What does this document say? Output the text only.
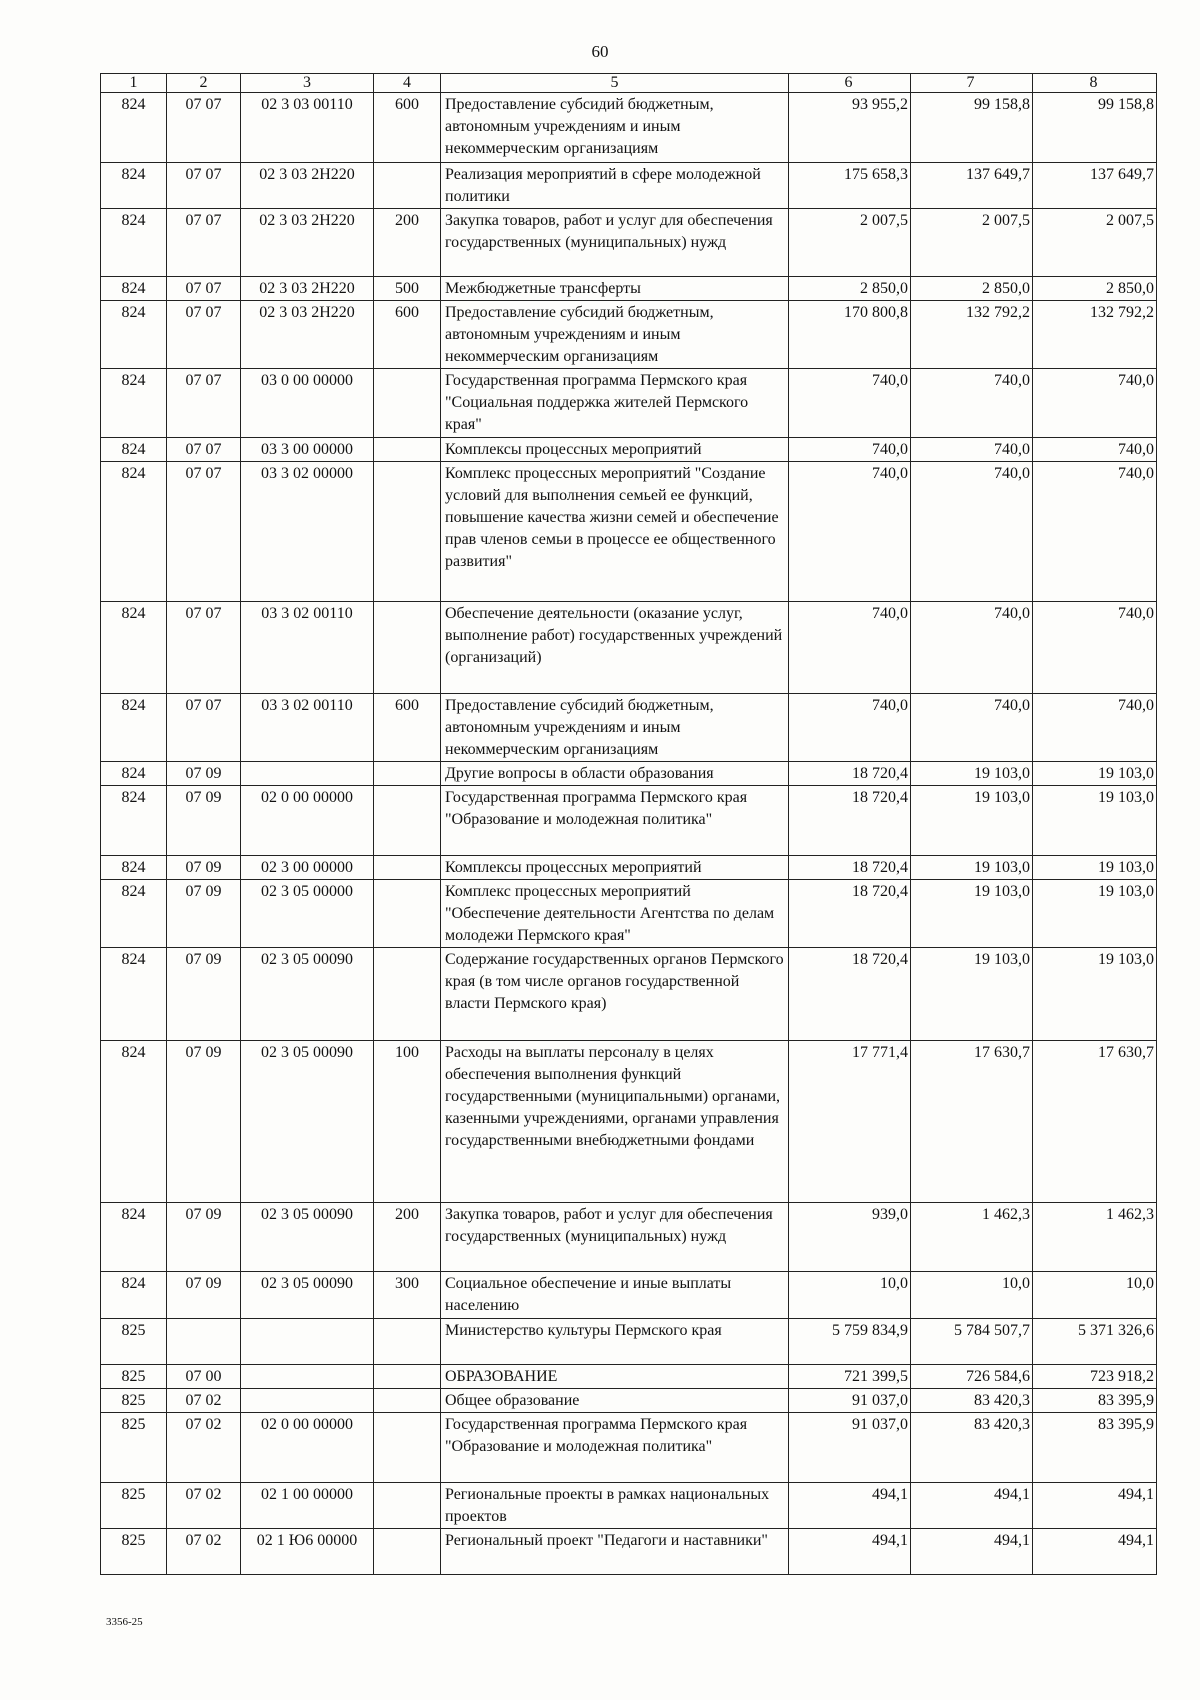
60
1	2	3	4	5	6	7	8
824	07 07	02 3 03 00110	600	Предоставление субсидий бюджетным, автономным учреждениям и иным некоммерческим организациям	93 955,2	99 158,8	99 158,8
824	07 07	02 3 03 2Н220		Реализация мероприятий в сфере молодежной политики	175 658,3	137 649,7	137 649,7
824	07 07	02 3 03 2Н220	200	Закупка товаров, работ и услуг для обеспечения государственных (муниципальных) нужд	2 007,5	2 007,5	2 007,5
824	07 07	02 3 03 2Н220	500	Межбюджетные трансферты	2 850,0	2 850,0	2 850,0
824	07 07	02 3 03 2Н220	600	Предоставление субсидий бюджетным, автономным учреждениям и иным некоммерческим организациям	170 800,8	132 792,2	132 792,2
824	07 07	03 0 00 00000		Государственная программа Пермского края "Социальная поддержка жителей Пермского края"	740,0	740,0	740,0
824	07 07	03 3 00 00000		Комплексы процессных мероприятий	740,0	740,0	740,0
824	07 07	03 3 02 00000		Комплекс процессных мероприятий "Создание условий для выполнения семьей ее функций, повышение качества жизни семей и обеспечение прав членов семьи в процессе ее общественного развития"	740,0	740,0	740,0
824	07 07	03 3 02 00110		Обеспечение деятельности (оказание услуг, выполнение работ) государственных учреждений (организаций)	740,0	740,0	740,0
824	07 07	03 3 02 00110	600	Предоставление субсидий бюджетным, автономным учреждениям и иным некоммерческим организациям	740,0	740,0	740,0
824	07 09			Другие вопросы в области образования	18 720,4	19 103,0	19 103,0
824	07 09	02 0 00 00000		Государственная программа Пермского края "Образование и молодежная политика"	18 720,4	19 103,0	19 103,0
824	07 09	02 3 00 00000		Комплексы процессных мероприятий	18 720,4	19 103,0	19 103,0
824	07 09	02 3 05 00000		Комплекс процессных мероприятий "Обеспечение деятельности Агентства по делам молодежи Пермского края"	18 720,4	19 103,0	19 103,0
824	07 09	02 3 05 00090		Содержание государственных органов Пермского края (в том числе органов государственной власти Пермского края)	18 720,4	19 103,0	19 103,0
824	07 09	02 3 05 00090	100	Расходы на выплаты персоналу в целях обеспечения выполнения функций государственными (муниципальными) органами, казенными учреждениями, органами управления государственными внебюджетными фондами	17 771,4	17 630,7	17 630,7
824	07 09	02 3 05 00090	200	Закупка товаров, работ и услуг для обеспечения государственных (муниципальных) нужд	939,0	1 462,3	1 462,3
824	07 09	02 3 05 00090	300	Социальное обеспечение и иные выплаты населению	10,0	10,0	10,0
825				Министерство культуры Пермского края	5 759 834,9	5 784 507,7	5 371 326,6
825	07 00			ОБРАЗОВАНИЕ	721 399,5	726 584,6	723 918,2
825	07 02			Общее образование	91 037,0	83 420,3	83 395,9
825	07 02	02 0 00 00000		Государственная программа Пермского края "Образование и молодежная политика"	91 037,0	83 420,3	83 395,9
825	07 02	02 1 00 00000		Региональные проекты в рамках национальных проектов	494,1	494,1	494,1
825	07 02	02 1 Ю6 00000		Региональный проект "Педагоги и наставники"	494,1	494,1	494,1
3356-25
